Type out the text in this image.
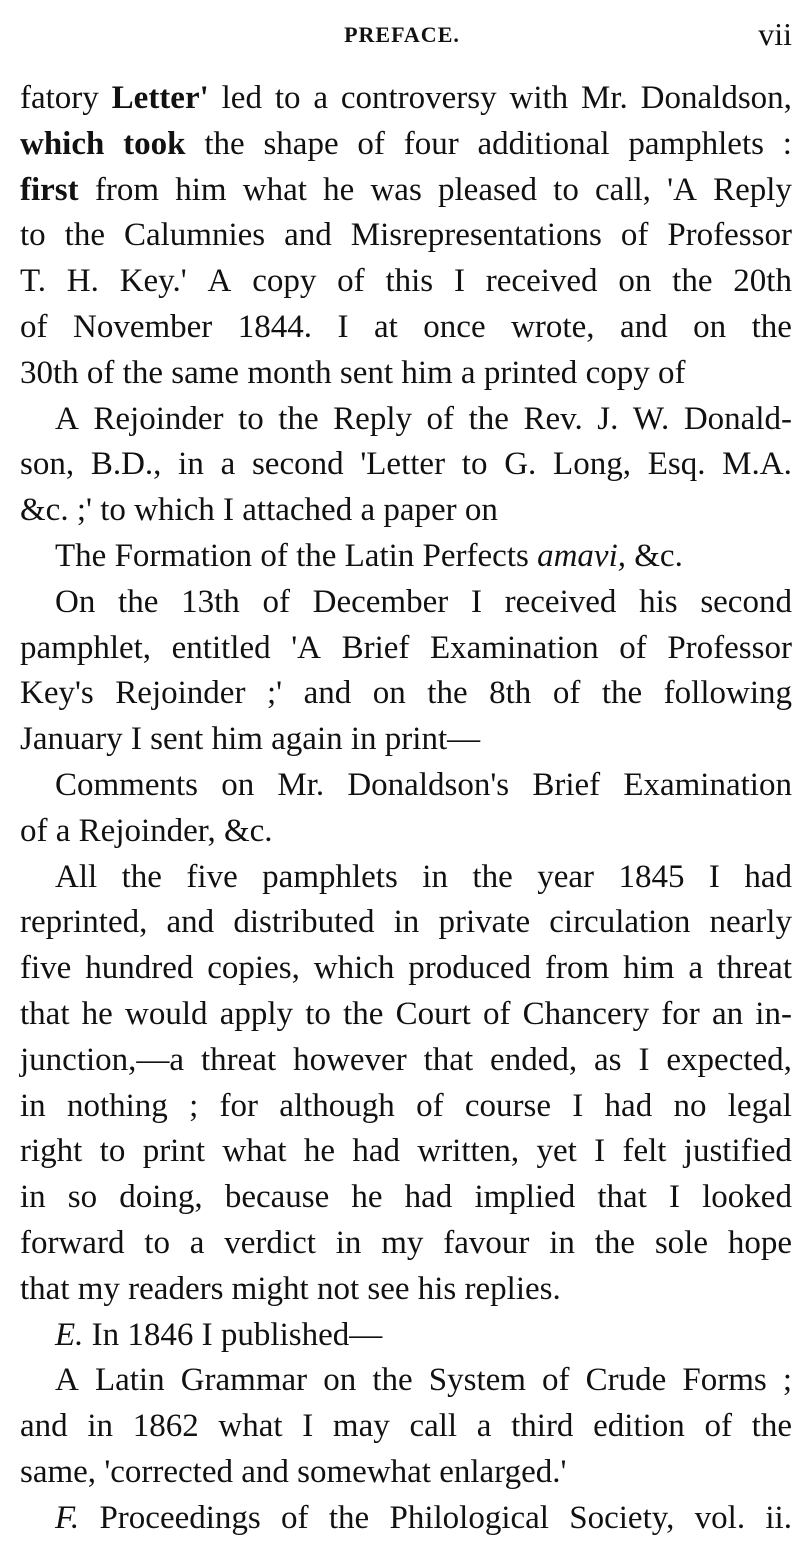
PREFACE.	vii
fatory Letter' led to a controversy with Mr. Donaldson,
which took the shape of four additional pamphlets :
first from him what he was pleased to call, 'A Reply
to the Calumnies and Misrepresentations of Professor
T. H. Key.' A copy of this I received on the 20th
of November 1844. I at once wrote, and on the
30th of the same month sent him a printed copy of
A Rejoinder to the Reply of the Rev. J. W. Donald-
son, B.D., in a second 'Letter to G. Long, Esq. M.A.
&c. ;' to which I attached a paper on
The Formation of the Latin Perfects amavi, &c.
On the 13th of December I received his second
pamphlet, entitled 'A Brief Examination of Professor
Key's Rejoinder ;' and on the 8th of the following
January I sent him again in print—
Comments on Mr. Donaldson's Brief Examination
of a Rejoinder, &c.
All the five pamphlets in the year 1845 I had
reprinted, and distributed in private circulation nearly
five hundred copies, which produced from him a threat
that he would apply to the Court of Chancery for an in-
junction,—a threat however that ended, as I expected,
in nothing ; for although of course I had no legal
right to print what he had written, yet I felt justified
in so doing, because he had implied that I looked
forward to a verdict in my favour in the sole hope
that my readers might not see his replies.
E. In 1846 I published—
A Latin Grammar on the System of Crude Forms ;
and in 1862 what I may call a third edition of the
same, 'corrected and somewhat enlarged.'
F. Proceedings of the Philological Society, vol. ii.
